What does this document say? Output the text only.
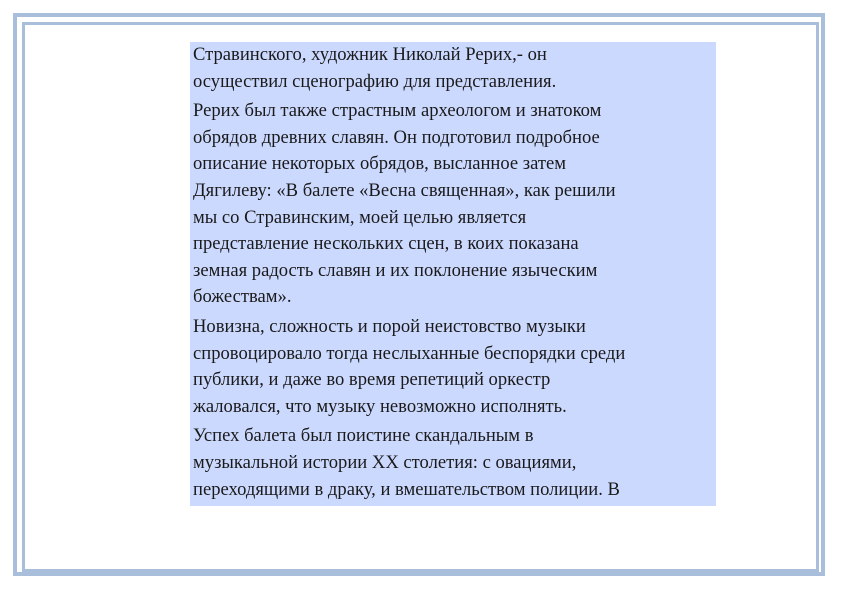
Стравинского, художник Николай Рерих,- он
осуществил сценографию для представления.

Рерих был также страстным археологом и знатоком
обрядов древних славян. Он подготовил подробное
описание некоторых обрядов, высланное затем
Дягилеву: «В балете «Весна священная», как решили
мы со Стравинским, моей целью является
представление нескольких сцен, в коих показана
земная радость славян и их поклонение языческим
божествам».

Новизна, сложность и порой неистовство музыки
спровоцировало тогда неслыханные беспорядки среди
публики, и даже во время репетиций оркестр
жаловался, что музыку невозможно исполнять.

Успех балета был поистине скандальным в
музыкальной истории XX столетия: с овациями,
переходящими в драку, и вмешательством полиции. В
